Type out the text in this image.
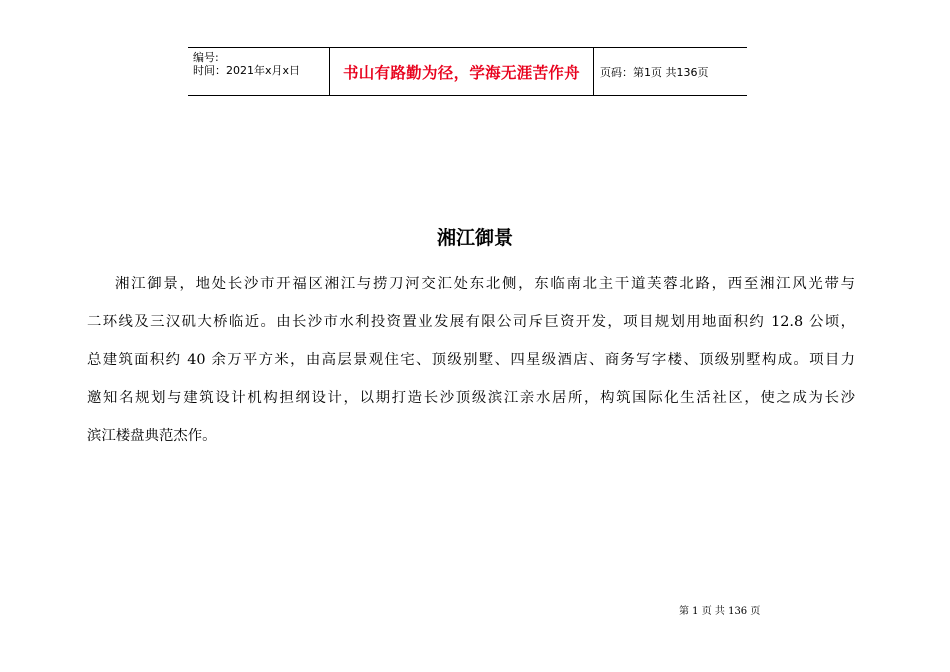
编号:
时间：2021年x月x日	书山有路勤为径，学海无涯苦作舟 页码：第1页 共136页
湘江御景

湘江御景，地处长沙市开福区湘江与捞刀河交汇处东北侧，东临南北主干道芙蓉北路，西至湘江风光带与
二环线及三汉矶大桥临近。由长沙市水利投资置业发展有限公司斥巨资开发，项目规划用地面积约 12.8 公顷，
总建筑面积约 40 余万平方米，由高层景观住宅、顶级别墅、四星级酒店、商务写字楼、顶级别墅构成。项目力
邀知名规划与建筑设计机构担纲设计，以期打造长沙顶级滨江亲水居所，构筑国际化生活社区，使之成为长沙
滨江楼盘典范杰作。

第 1 页 共 136 页
